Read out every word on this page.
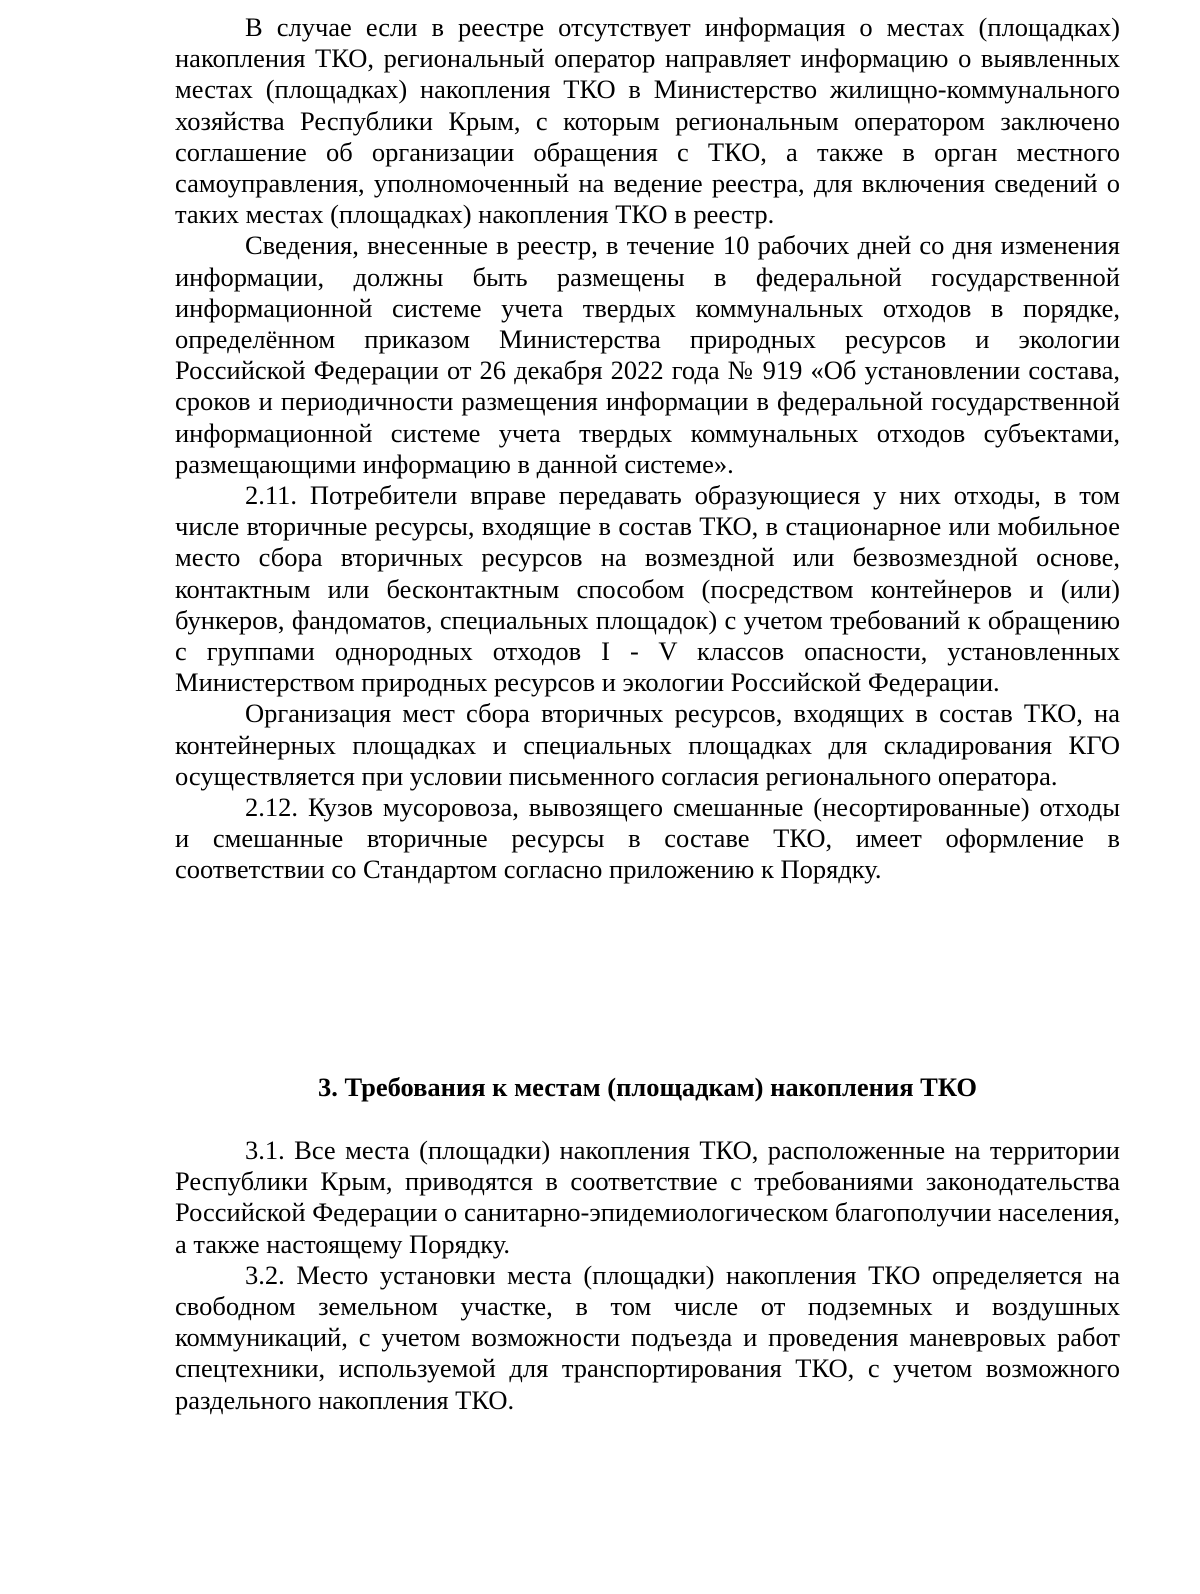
В случае если в реестре отсутствует информация о местах (площадках) накопления ТКО, региональный оператор направляет информацию о выявленных местах (площадках) накопления ТКО в Министерство жилищно-коммунального хозяйства Республики Крым, с которым региональным оператором заключено соглашение об организации обращения с ТКО, а также в орган местного самоуправления, уполномоченный на ведение реестра, для включения сведений о таких местах (площадках) накопления ТКО в реестр.

Сведения, внесенные в реестр, в течение 10 рабочих дней со дня изменения информации, должны быть размещены в федеральной государственной информационной системе учета твердых коммунальных отходов в порядке, определённом приказом Министерства природных ресурсов и экологии Российской Федерации от 26 декабря 2022 года № 919 «Об установлении состава, сроков и периодичности размещения информации в федеральной государственной информационной системе учета твердых коммунальных отходов субъектами, размещающими информацию в данной системе».

2.11. Потребители вправе передавать образующиеся у них отходы, в том числе вторичные ресурсы, входящие в состав ТКО, в стационарное или мобильное место сбора вторичных ресурсов на возмездной или безвозмездной основе, контактным или бесконтактным способом (посредством контейнеров и (или) бункеров, фандоматов, специальных площадок) с учетом требований к обращению с группами однородных отходов I - V классов опасности, установленных Министерством природных ресурсов и экологии Российской Федерации.

Организация мест сбора вторичных ресурсов, входящих в состав ТКО, на контейнерных площадках и специальных площадках для складирования КГО осуществляется при условии письменного согласия регионального оператора.

2.12. Кузов мусоровоза, вывозящего смешанные (несортированные) отходы и смешанные вторичные ресурсы в составе ТКО, имеет оформление в соответствии со Стандартом согласно приложению к Порядку.

3. Требования к местам (площадкам) накопления ТКО

3.1. Все места (площадки) накопления ТКО, расположенные на территории Республики Крым, приводятся в соответствие с требованиями законодательства Российской Федерации о санитарно-эпидемиологическом благополучии населения, а также настоящему Порядку.

3.2. Место установки места (площадки) накопления ТКО определяется на свободном земельном участке, в том числе от подземных и воздушных коммуникаций, с учетом возможности подъезда и проведения маневровых работ спецтехники, используемой для транспортирования ТКО, с учетом возможного раздельного накопления ТКО.
